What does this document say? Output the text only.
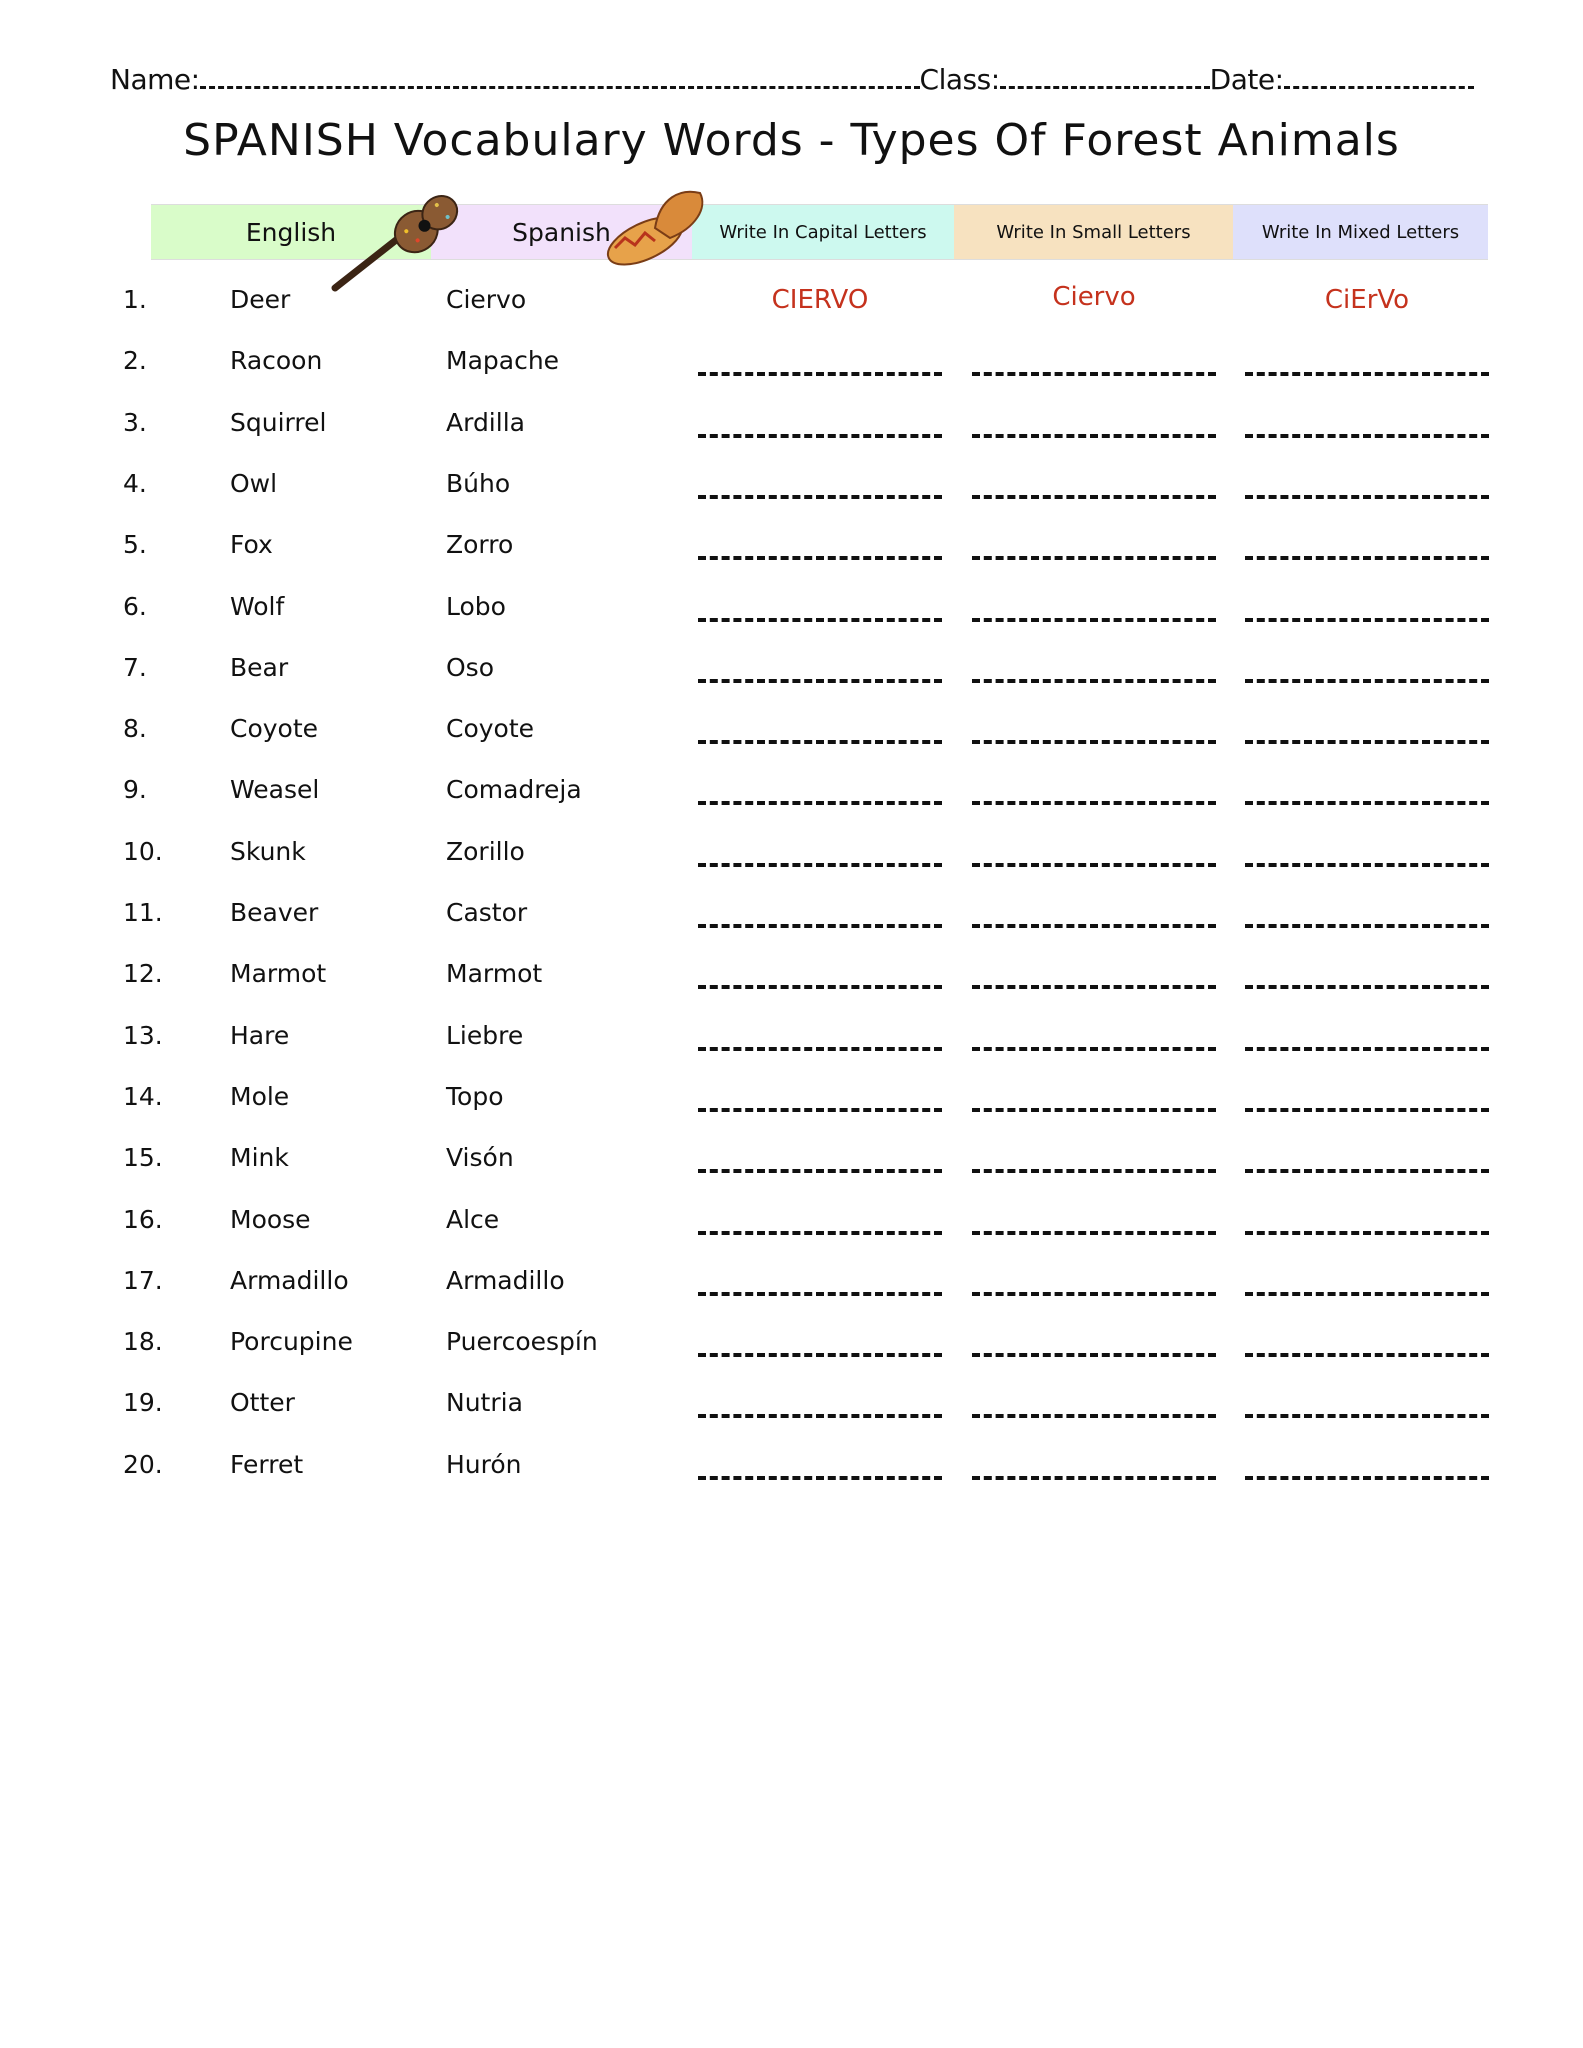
Name:	Class:	Date:
SPANISH Vocabulary Words - Types Of Forest Animals
English	Spanish	Write In Capital Letters	Write In Small Letters	Write In Mixed Letters
1.	Deer	Ciervo	CIERVO	Ciervo	CiErVo
2.	Racoon	Mapache
3.	Squirrel	Ardilla
4.	Owl	Búho
5.	Fox	Zorro
6.	Wolf	Lobo
7.	Bear	Oso
8.	Coyote	Coyote
9.	Weasel	Comadreja
10.	Skunk	Zorillo
11.	Beaver	Castor
12.	Marmot	Marmot
13.	Hare	Liebre
14.	Mole	Topo
15.	Mink	Visón
16.	Moose	Alce
17.	Armadillo	Armadillo
18.	Porcupine	Puercoespín
19.	Otter	Nutria
20.	Ferret	Hurón
